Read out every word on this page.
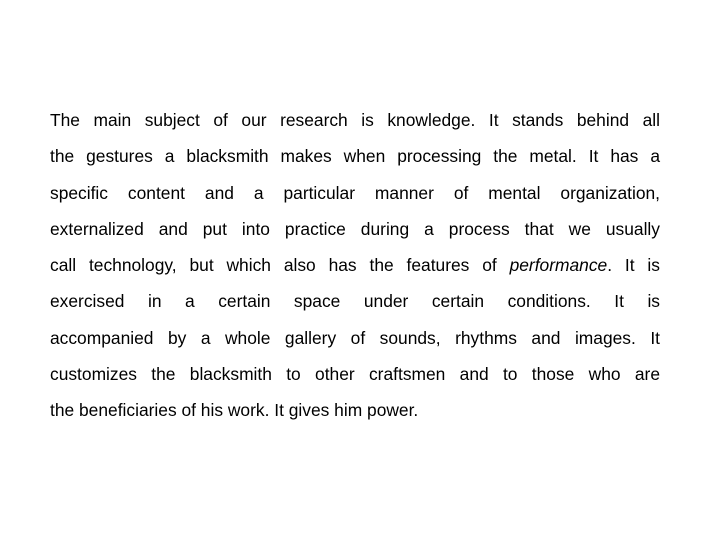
The main subject of our research is knowledge. It stands behind all
the gestures a blacksmith makes when processing the metal. It has a
specific content and a particular manner of mental organization,
externalized and put into practice during a process that we usually
call technology, but which also has the features of performance. It is
exercised in a certain space under certain conditions. It is
accompanied by a whole gallery of sounds, rhythms and images. It
customizes the blacksmith to other craftsmen and to those who are
the beneficiaries of his work. It gives him power.
